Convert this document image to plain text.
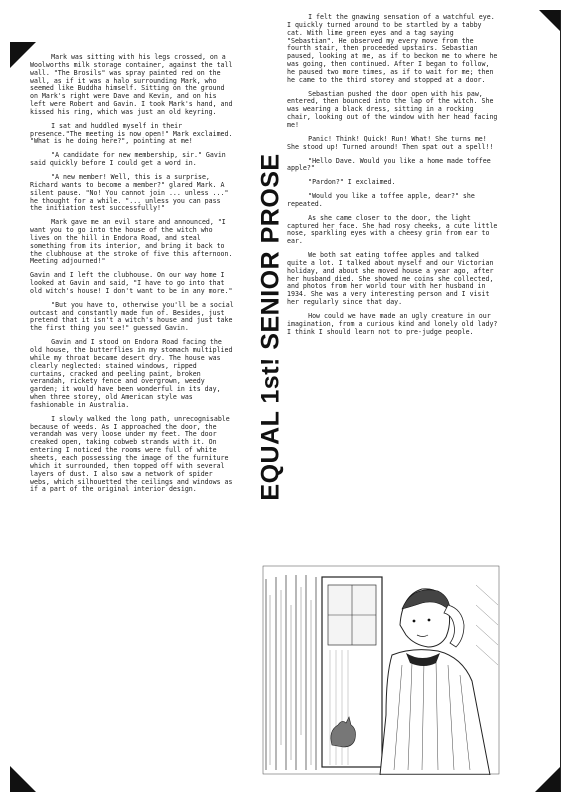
Mark was sitting with his legs crossed, on a Woolworths milk storage container, against the tall wall. "The Brosils" was spray painted red on the wall, as if it was a halo surrounding Mark, who seemed like Buddha himself. Sitting on the ground on Mark's right were Dave and Kevin, and on his left were Robert and Gavin. I took Mark's hand, and kissed his ring, which was just an old keyring.

I sat and huddled myself in their presence."The meeting is now open!" Mark exclaimed. "What is he doing here?", pointing at me!

"A candidate for new membership, sir." Gavin said quickly before I could get a word in.

"A new member! Well, this is a surprise, Richard wants to become a member?" glared Mark. A silent pause. "No! You cannot join ... unless ..." he thought for a while. "... unless you can pass the initiation test successfully!"

Mark gave me an evil stare and announced, "I want you to go into the house of the witch who lives on the hill in Endora Road, and steal something from its interior, and bring it back to the clubhouse at the stroke of five this afternoon. Meeting adjourned!"

Gavin and I left the clubhouse. On our way home I looked at Gavin and said, "I have to go into that old witch's house! I don't want to be in any more."

"But you have to, otherwise you'll be a social outcast and constantly made fun of. Besides, just pretend that it isn't a witch's house and just take the first thing you see!" guessed Gavin.

Gavin and I stood on Endora Road facing the old house, the butterflies in my stomach multiplied while my throat became desert dry. The house was clearly neglected: stained windows, ripped curtains, cracked and peeling paint, broken verandah, rickety fence and overgrown, weedy garden; it would have been wonderful in its day, when three storey, old American style was fashionable in Australia.

I slowly walked the long path, unrecognisable because of weeds. As I approached the door, the verandah was very loose under my feet. The door creaked open, taking cobweb strands with it. On entering I noticed the rooms were full of white sheets, each possessing the image of the furniture which it surrounded, then topped off with several layers of dust. I also saw a network of spider webs, which silhouetted the ceilings and windows as if a part of the original interior design.	EQUAL 1st! SENIOR PROSE

I felt the gnawing sensation of a watchful eye. I quickly turned around to be startled by a tabby cat. With lime green eyes and a tag saying "Sebastian". He observed my every move from the fourth stair, then proceeded upstairs. Sebastian paused, looking at me, as if to beckon me to where he was going, then continued. After I began to follow, he paused two more times, as if to wait for me; then he came to the third storey and stopped at a door.

Sebastian pushed the door open with his paw, entered, then bounced into the lap of the witch. She was wearing a black dress, sitting in a rocking chair, looking out of the window with her head facing me!

Panic! Think! Quick! Run! What! She turns me! She stood up! Turned around! Then spat out a spell!!

"Hello Dave. Would you like a home made toffee apple?"

"Pardon?" I exclaimed.

"Would you like a toffee apple, dear?" she repeated.

As she came closer to the door, the light captured her face. She had rosy cheeks, a cute little nose, sparkling eyes with a cheesy grin from ear to ear.

We both sat eating toffee apples and talked quite a lot. I talked about myself and our Victorian holiday, and about she moved house a year ago, after her husband died. She showed me coins she collected, and photos from her world tour with her husband in 1934. She was a very interesting person and I visit her regularly since that day.

How could we have made an ugly creature in our imagination, from a curious kind and lonely old lady? I think I should learn not to pre-judge people.
